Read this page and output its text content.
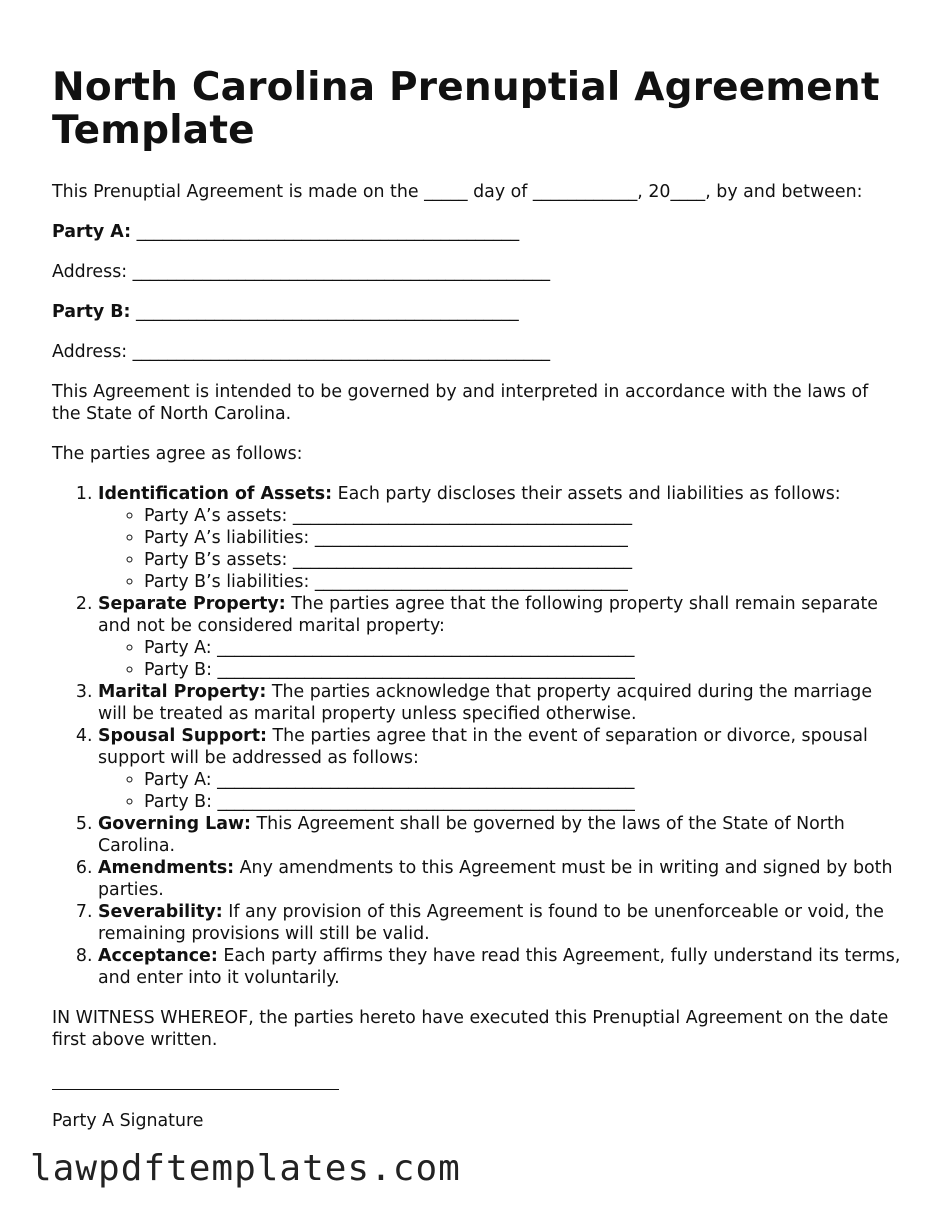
North Carolina Prenuptial Agreement Template

This Prenuptial Agreement is made on the _____ day of ____________, 20____, by and between:

Party A: ____________________________________________

Address: ________________________________________________

Party B: ____________________________________________

Address: ________________________________________________

This Agreement is intended to be governed by and interpreted in accordance with the laws of the State of North Carolina.

The parties agree as follows:

1. Identification of Assets: Each party discloses their assets and liabilities as follows:
◦ Party A’s assets: _______________________________________
◦ Party A’s liabilities: ____________________________________
◦ Party B’s assets: _______________________________________
◦ Party B’s liabilities: ____________________________________
2. Separate Property: The parties agree that the following property shall remain separate and not be considered marital property:
◦ Party A: ________________________________________________
◦ Party B: ________________________________________________
3. Marital Property: The parties acknowledge that property acquired during the marriage will be treated as marital property unless specified otherwise.
4. Spousal Support: The parties agree that in the event of separation or divorce, spousal support will be addressed as follows:
◦ Party A: ________________________________________________
◦ Party B: ________________________________________________
5. Governing Law: This Agreement shall be governed by the laws of the State of North Carolina.
6. Amendments: Any amendments to this Agreement must be in writing and signed by both parties.
7. Severability: If any provision of this Agreement is found to be unenforceable or void, the remaining provisions will still be valid.
8. Acceptance: Each party affirms they have read this Agreement, fully understand its terms, and enter into it voluntarily.

IN WITNESS WHEREOF, the parties hereto have executed this Prenuptial Agreement on the date first above written.

Party A Signature

lawpdftemplates.com
